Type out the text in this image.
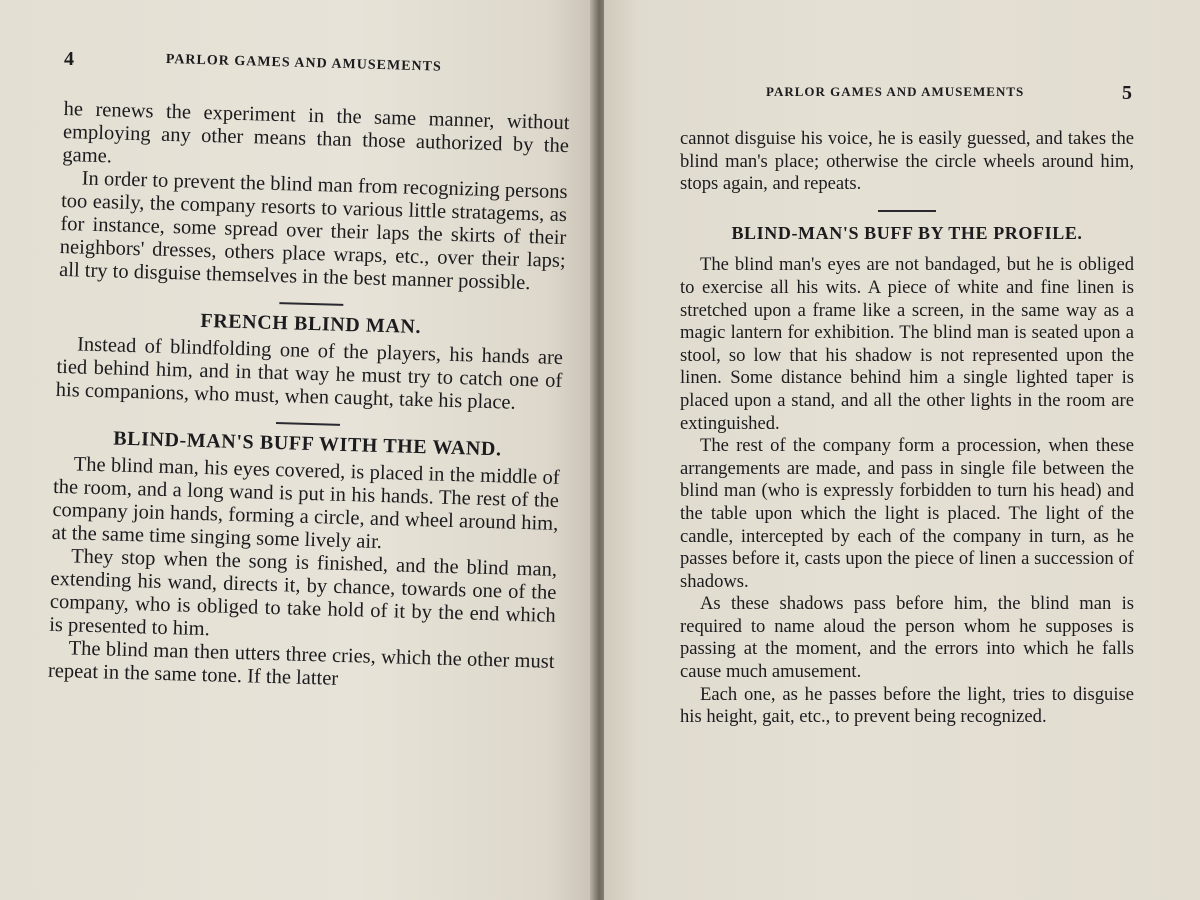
4	PARLOR GAMES AND AMUSEMENTS

he renews the experiment in the same manner, without employing any other means than those authorized by the game.

In order to prevent the blind man from recognizing persons too easily, the company resorts to various little stratagems, as for instance, some spread over their laps the skirts of their neighbors' dresses, others place wraps, etc., over their laps; all try to disguise themselves in the best manner possible.

FRENCH BLIND MAN.

Instead of blindfolding one of the players, his hands are tied behind him, and in that way he must try to catch one of his companions, who must, when caught, take his place.

BLIND-MAN'S BUFF WITH THE WAND.

The blind man, his eyes covered, is placed in the middle of the room, and a long wand is put in his hands. The rest of the company join hands, forming a circle, and wheel around him, at the same time singing some lively air.

They stop when the song is finished, and the blind man, extending his wand, directs it, by chance, towards one of the company, who is obliged to take hold of it by the end which is presented to him.

The blind man then utters three cries, which the other must repeat in the same tone. If the latter

PARLOR GAMES AND AMUSEMENTS	5

cannot disguise his voice, he is easily guessed, and takes the blind man's place; otherwise the circle wheels around him, stops again, and repeats.

BLIND-MAN'S BUFF BY THE PROFILE.

The blind man's eyes are not bandaged, but he is obliged to exercise all his wits. A piece of white and fine linen is stretched upon a frame like a screen, in the same way as a magic lantern for exhibition. The blind man is seated upon a stool, so low that his shadow is not represented upon the linen. Some distance behind him a single lighted taper is placed upon a stand, and all the other lights in the room are extinguished.

The rest of the company form a procession, when these arrangements are made, and pass in single file between the blind man (who is expressly forbidden to turn his head) and the table upon which the light is placed. The light of the candle, intercepted by each of the company in turn, as he passes before it, casts upon the piece of linen a succession of shadows.

As these shadows pass before him, the blind man is required to name aloud the person whom he supposes is passing at the moment, and the errors into which he falls cause much amusement.

Each one, as he passes before the light, tries to disguise his height, gait, etc., to prevent being recognized.
